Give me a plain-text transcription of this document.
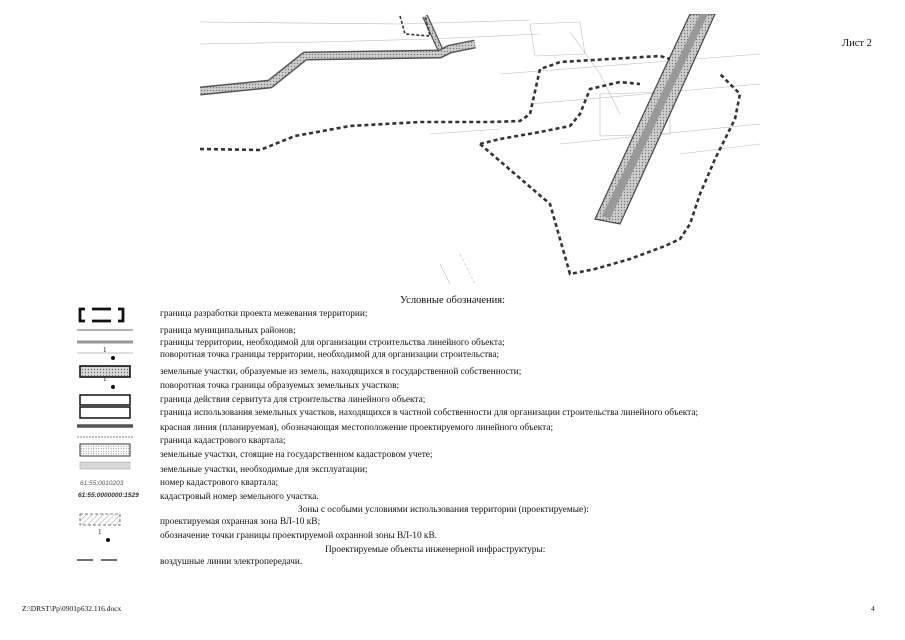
Лист 2
Условные обозначения:
1
1
1
61:55:0010203
61:55:0000000:1529
граница разработки проекта межевания территории;
граница муниципальных районов;
границы территории, необходимой для организации строительства линейного объекта;
поворотная точка границы территории, необходимой для организации строительства;
земельные участки, образуемые из земель, находящихся в государственной собственности;
поворотная точка границы образуемых земельных участков;
граница действия сервитута для строительства линейного объекта;
граница использования земельных участков, находящихся в частной собственности для организации строительства линейного объекта;
красная линия (планируемая), обозначающая местоположение проектируемого линейного объекта;
граница кадастрового квартала;
земельные участки, стоящие на государственном кадастровом учете;
земельные участки, необходимые для эксплуатации;
номер кадастрового квартала;
кадастровый номер земельного участка.
Зоны с особыми условиями использования территории (проектируемые):
проектируемая охранная зона ВЛ-10 кВ;
обозначение точки границы проектируемой охранной зоны ВЛ-10 кВ.
Проектируемые объекты инженерной инфраструктуры:
воздушные линии электропередачи.
Z:\DRST\Pp\0901p632.116.docx	4
